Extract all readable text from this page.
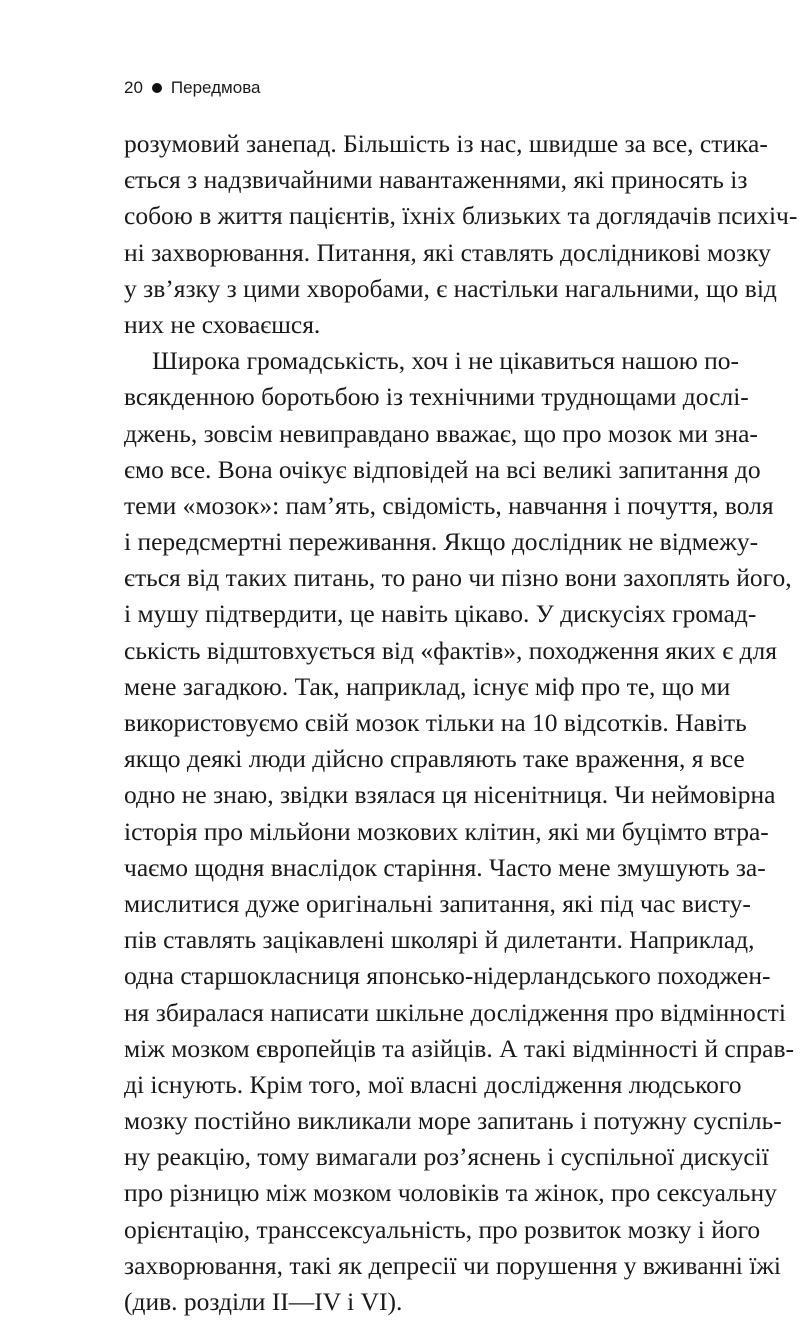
20 Передмова
розумовий занепад. Більшість із нас, швидше за все, стика-
ється з надзвичайними навантаженнями, які приносять із
собою в життя пацієнтів, їхніх близьких та доглядачів психіч-
ні захворювання. Питання, які ставлять дослідникові мозку
у зв’язку з цими хворобами, є настільки нагальними, що від
них не сховаєшся.
Широка громадськість, хоч і не цікавиться нашою по-
всякденною боротьбою із технічними труднощами дослі-
джень, зовсім невиправдано вважає, що про мозок ми зна-
ємо все. Вона очікує відповідей на всі великі запитання до
теми «мозок»: пам’ять, свідомість, навчання і почуття, воля
і передсмертні переживання. Якщо дослідник не відмежу-
ється від таких питань, то рано чи пізно вони захоплять його,
і мушу підтвердити, це навіть цікаво. У дискусіях громад-
ськість відштовхується від «фактів», походження яких є для
мене загадкою. Так, наприклад, існує міф про те, що ми
використовуємо свій мозок тільки на 10 відсотків. Навіть
якщо деякі люди дійсно справляють таке враження, я все
одно не знаю, звідки взялася ця нісенітниця. Чи неймовірна
історія про мільйони мозкових клітин, які ми буцімто втра-
чаємо щодня внаслідок старіння. Часто мене змушують за-
мислитися дуже оригінальні запитання, які під час висту-
пів ставлять зацікавлені школярі й дилетанти. Наприклад,
одна старшокласниця японсько-нідерландського походжен-
ня збиралася написати шкільне дослідження про відмінності
між мозком європейців та азійців. А такі відмінності й справ-
ді існують. Крім того, мої власні дослідження людського
мозку постійно викликали море запитань і потужну суспіль-
ну реакцію, тому вимагали роз’яснень і суспільної дискусії
про різницю між мозком чоловіків та жінок, про сексуальну
орієнтацію, транссексуальність, про розвиток мозку і його
захворювання, такі як депресії чи порушення у вживанні їжі
(див. розділи II—IV і VI).
